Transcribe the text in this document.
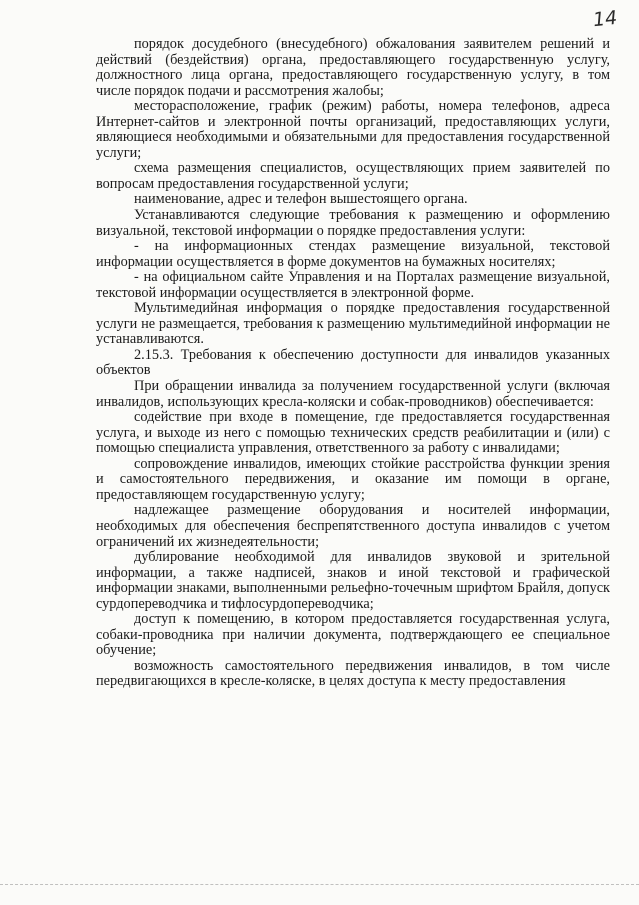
14

порядок досудебного (внесудебного) обжалования заявителем решений и действий (бездействия) органа, предоставляющего государственную услугу, должностного лица органа, предоставляющего государственную услугу, в том числе порядок подачи и рассмотрения жалобы;

месторасположение, график (режим) работы, номера телефонов, адреса Интернет-сайтов и электронной почты организаций, предоставляющих услуги, являющиеся необходимыми и обязательными для предоставления государственной услуги;

схема размещения специалистов, осуществляющих прием заявителей по вопросам предоставления государственной услуги;

наименование, адрес и телефон вышестоящего органа.

Устанавливаются следующие требования к размещению и оформлению визуальной, текстовой информации о порядке предоставления услуги:

- на информационных стендах размещение визуальной, текстовой информации осуществляется в форме документов на бумажных носителях;

- на официальном сайте Управления и на Порталах размещение визуальной, текстовой информации осуществляется в электронной форме.

Мультимедийная информация о порядке предоставления государственной услуги не размещается, требования к размещению мультимедийной информации не устанавливаются.

2.15.3. Требования к обеспечению доступности для инвалидов указанных объектов

При обращении инвалида за получением государственной услуги (включая инвалидов, использующих кресла-коляски и собак-проводников) обеспечивается:

содействие при входе в помещение, где предоставляется государственная услуга, и выходе из него с помощью технических средств реабилитации и (или) с помощью специалиста управления, ответственного за работу с инвалидами;

сопровождение инвалидов, имеющих стойкие расстройства функции зрения и самостоятельного передвижения, и оказание им помощи в органе, предоставляющем государственную услугу;

надлежащее размещение оборудования и носителей информации, необходимых для обеспечения беспрепятственного доступа инвалидов с учетом ограничений их жизнедеятельности;

дублирование необходимой для инвалидов звуковой и зрительной информации, а также надписей, знаков и иной текстовой и графической информации знаками, выполненными рельефно-точечным шрифтом Брайля, допуск сурдопереводчика и тифлосурдопереводчика;

доступ к помещению, в котором предоставляется государственная услуга, собаки-проводника при наличии документа, подтверждающего ее специальное обучение;

возможность самостоятельного передвижения инвалидов, в том числе передвигающихся в кресле-коляске, в целях доступа к месту предоставления
